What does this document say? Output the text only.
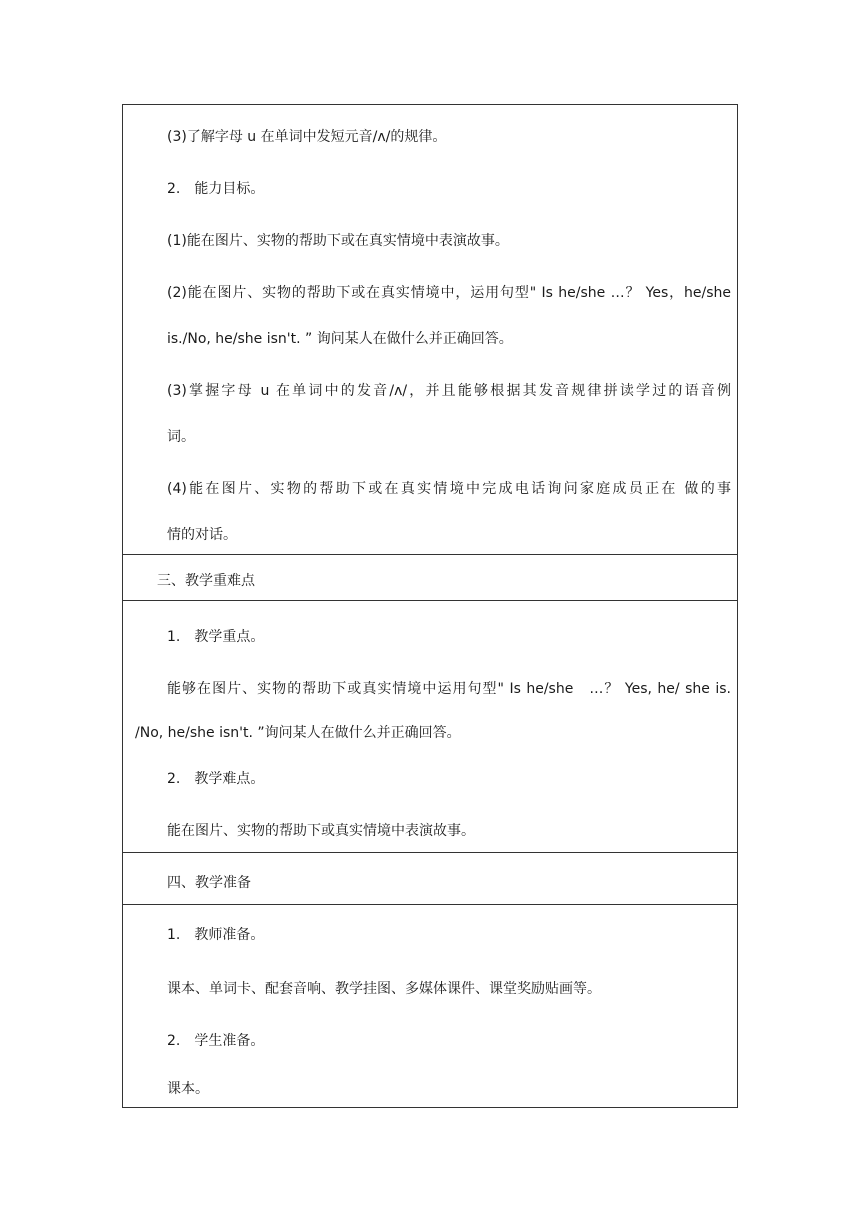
(3)了解字母 u 在单词中发短元音/ʌ/的规律。
2.　能力目标。
(1)能在图片、实物的帮助下或在真实情境中表演故事。
(2)能在图片、实物的帮助下或在真实情境中，运用句型" Is he/she …？ Yes，he/she
is./No, he/she isn't. ” 询问某人在做什么并正确回答。
(3)掌握字母 u 在单词中的发音/ʌ/，并且能够根据其发音规律拼读学过的语音例
词。
(4)能在图片、实物的帮助下或在真实情境中完成电话询问家庭成员正在 做的事
情的对话。
三、教学重难点
1.　教学重点。
能够在图片、实物的帮助下或真实情境中运用句型" Is he/she　…？ Yes, he/ she is.
/No, he/she isn't. ”询问某人在做什么并正确回答。
2.　教学难点。
能在图片、实物的帮助下或真实情境中表演故事。
四、教学准备
1.　教师准备。
课本、单词卡、配套音响、教学挂图、多媒体课件、课堂奖励贴画等。
2.　学生准备。
课本。
